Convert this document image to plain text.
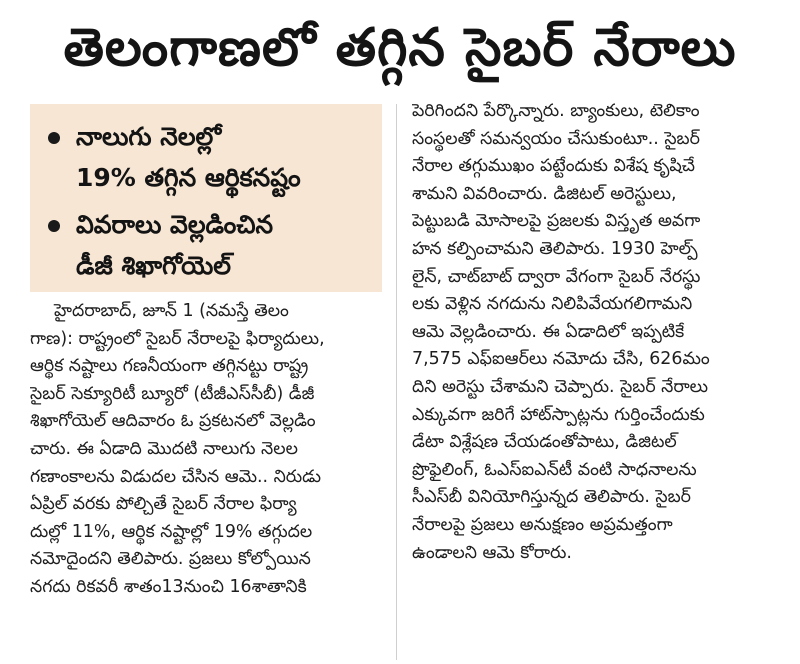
తెలంగాణలో తగ్గిన సైబర్ నేరాలు
నాలుగు నెలల్లో
19% తగ్గిన ఆర్థికనష్టం
వివరాలు వెల్లడించిన
డీజీ శిఖాగోయెల్
హైదరాబాద్, జూన్ 1 (నమస్తే తెలం
గాణ): రాష్ట్రంలో సైబర్ నేరాలపై ఫిర్యాదులు,
ఆర్థిక నష్టాలు గణనీయంగా తగ్గినట్టు రాష్ట్ర
సైబర్ సెక్యూరిటీ బ్యూరో (టీజీఎస్‌సీబీ) డీజీ
శిఖాగోయెల్ ఆదివారం ఓ ప్రకటనలో వెల్లడిం
చారు. ఈ ఏడాది మొదటి నాలుగు నెలల
గణాంకాలను విడుదల చేసిన ఆమె.. నిరుడు
ఏప్రిల్ వరకు పోల్చితే సైబర్ నేరాల ఫిర్యా
దుల్లో 11%, ఆర్థిక నష్టాల్లో 19% తగ్గుదల
నమోదైందని తెలిపారు. ప్రజలు కోల్పోయిన
నగదు రికవరీ శాతం13నుంచి 16శాతానికి
పెరిగిందని పేర్కొన్నారు. బ్యాంకులు, టెలికాం
సంస్థలతో సమన్వయం చేసుకుంటూ.. సైబర్
నేరాల తగ్గుముఖం పట్టేందుకు విశేష కృషిచే
శామని వివరించారు. డిజిటల్ అరెస్టులు,
పెట్టుబడి మోసాలపై ప్రజలకు విస్తృత అవగా
హన కల్పించామని తెలిపారు. 1930 హెల్ప్
లైన్, చాట్‌బాట్ ద్వారా వేగంగా సైబర్ నేరస్థు
లకు వెళ్లిన నగదును నిలిపివేయగలిగామని
ఆమె వెల్లడించారు. ఈ ఏడాదిలో ఇప్పటికే
7,575 ఎఫ్‌ఐఆర్‌లు నమోదు చేసి, 626మం
దిని అరెస్టు చేశామని చెప్పారు. సైబర్ నేరాలు
ఎక్కువగా జరిగే హాట్‌స్పాట్లను గుర్తించేందుకు
డేటా విశ్లేషణ చేయడంతోపాటు, డిజిటల్
ప్రొఫైలింగ్, ఓఎస్‌ఐఎన్‌టీ వంటి సాధనాలను
సీఎస్‌బీ వినియోగిస్తున్నద తెలిపారు. సైబర్
నేరాలపై ప్రజలు అనుక్షణం అప్రమత్తంగా
ఉండాలని ఆమె కోరారు.
